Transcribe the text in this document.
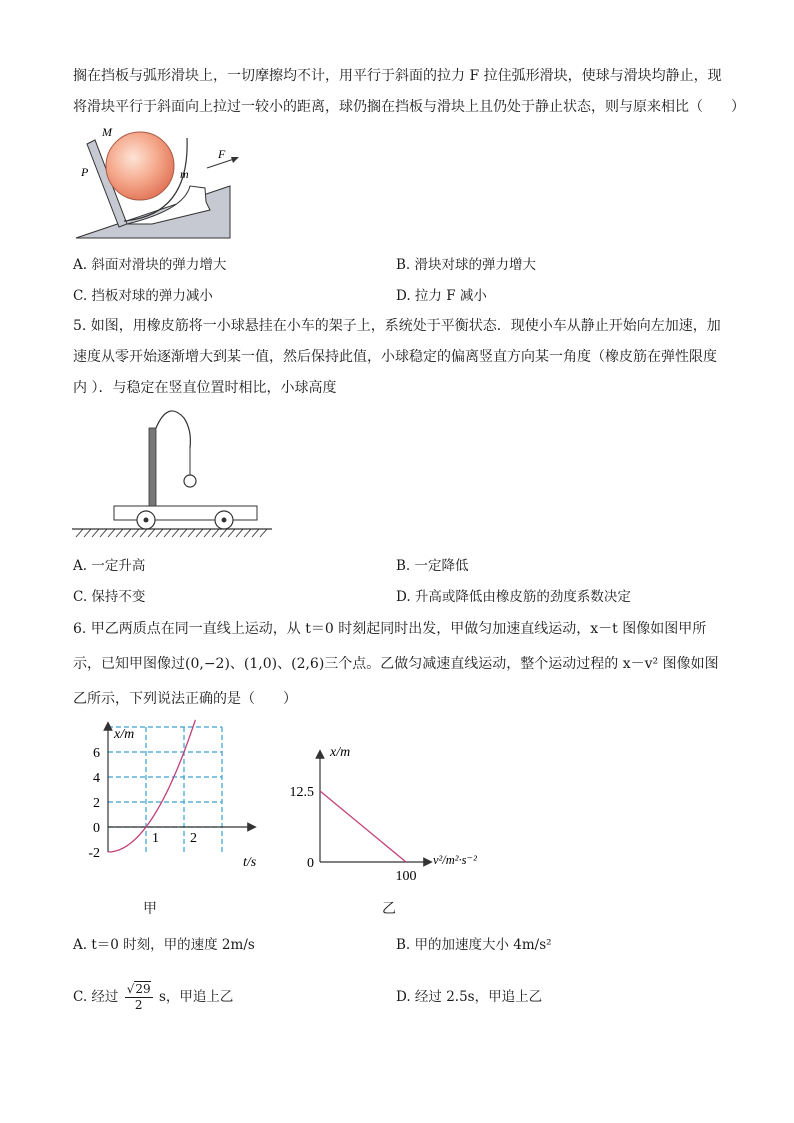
搁在挡板与弧形滑块上，一切摩擦均不计，用平行于斜面的拉力 F 拉住弧形滑块，使球与滑块均静止，现
将滑块平行于斜面向上拉过一较小的距离，球仍搁在挡板与滑块上且仍处于静止状态，则与原来相比（　　）
M
P
F
m
A. 斜面对滑块的弹力增大	B. 滑块对球的弹力增大
C. 挡板对球的弹力减小	D. 拉力 F 减小
5. 如图，用橡皮筋将一小球悬挂在小车的架子上，系统处于平衡状态．现使小车从静止开始向左加速，加
速度从零开始逐渐增大到某一值，然后保持此值，小球稳定的偏离竖直方向某一角度（橡皮筋在弹性限度
内 ）．与稳定在竖直位置时相比，小球高度
A. 一定升高	B. 一定降低
C. 保持不变	D. 升高或降低由橡皮筋的劲度系数决定
6. 甲乙两质点在同一直线上运动，从 t＝0 时刻起同时出发，甲做匀加速直线运动，x－t 图像如图甲所
示，已知甲图像过(0,−2)、(1,0)、(2,6)三个点。乙做匀减速直线运动，整个运动过程的 x－v² 图像如图
乙所示，下列说法正确的是（　　）
-2
0
2
4
6
1 2
x/m
t/s
甲
0
12.5
100
x/m
v²/m²·s⁻²
乙
A. t＝0 时刻，甲的速度 2m/s	B. 甲的加速度大小 4m/s²
C. 经过 $\frac{√29}{2}$ s，甲追上乙	D. 经过 2.5s，甲追上乙
